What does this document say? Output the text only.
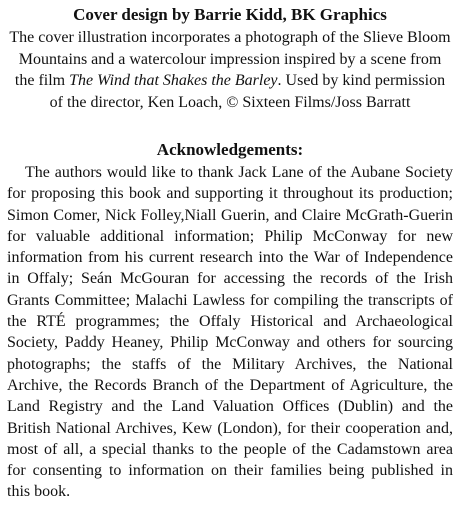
Cover design by Barrie Kidd, BK Graphics

The cover illustration incorporates a photograph of the Slieve Bloom Mountains and a watercolour impression inspired by a scene from the film The Wind that Shakes the Barley. Used by kind permission of the director, Ken Loach, © Sixteen Films/Joss Barratt

Acknowledgements:

The authors would like to thank Jack Lane of the Aubane Society for proposing this book and supporting it throughout its production; Simon Comer, Nick Folley,Niall Guerin, and Claire McGrath-Guerin for valuable additional information; Philip McConway for new information from his current research into the War of Independence in Offaly; Seán McGouran for accessing the records of the Irish Grants Committee; Malachi Lawless for compiling the transcripts of the RTÉ programmes; the Offaly Historical and Archaeological Society, Paddy Heaney, Philip McConway and others for sourcing photographs; the staffs of the Military Archives, the National Archive, the Records Branch of the Department of Agriculture, the Land Registry and the Land Valuation Offices (Dublin) and the British National Archives, Kew (London), for their cooperation and, most of all, a special thanks to the people of the Cadamstown area for consenting to information on their families being published in this book.
